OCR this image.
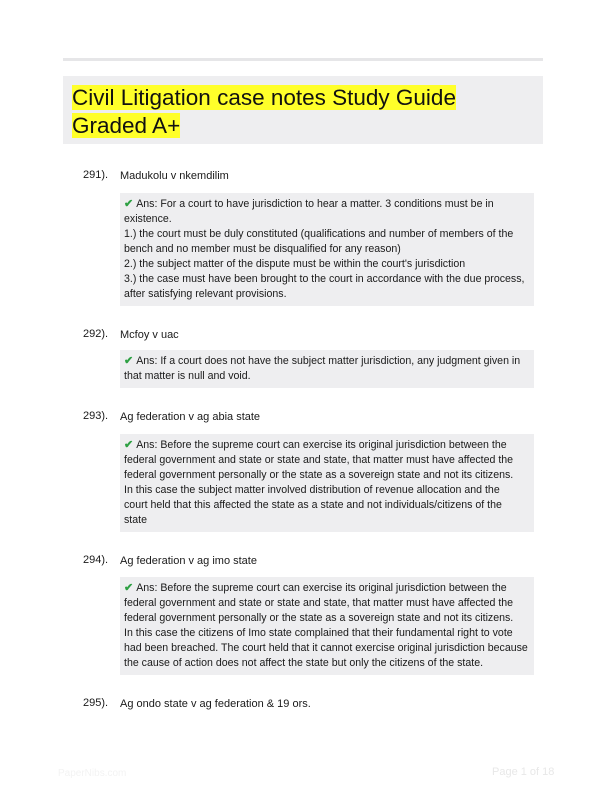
Civil Litigation case notes Study Guide Graded A+
291). Madukolu v nkemdilim
✔ Ans: For a court to have jurisdiction to hear a matter. 3 conditions must be in
existence.
1.) the court must be duly constituted (qualifications and number of members of the
bench and no member must be disqualified for any reason)
2.) the subject matter of the dispute must be within the court's jurisdiction
3.) the case must have been brought to the court in accordance with the due process,
after satisfying relevant provisions.
292). Mcfoy v uac
✔ Ans: If a court does not have the subject matter jurisdiction, any judgment given in
that matter is null and void.
293). Ag federation v ag abia state
✔ Ans: Before the supreme court can exercise its original jurisdiction between the
federal government and state or state and state, that matter must have affected the
federal government personally or the state as a sovereign state and not its citizens.
In this case the subject matter involved distribution of revenue allocation and the
court held that this affected the state as a state and not individuals/citizens of the
state
294). Ag federation v ag imo state
✔ Ans: Before the supreme court can exercise its original jurisdiction between the
federal government and state or state and state, that matter must have affected the
federal government personally or the state as a sovereign state and not its citizens.
In this case the citizens of Imo state complained that their fundamental right to vote
had been breached. The court held that it cannot exercise original jurisdiction because
the cause of action does not affect the state but only the citizens of the state.
295). Ag ondo state v ag federation & 19 ors.
PaperNibs.com	Page 1 of 18
